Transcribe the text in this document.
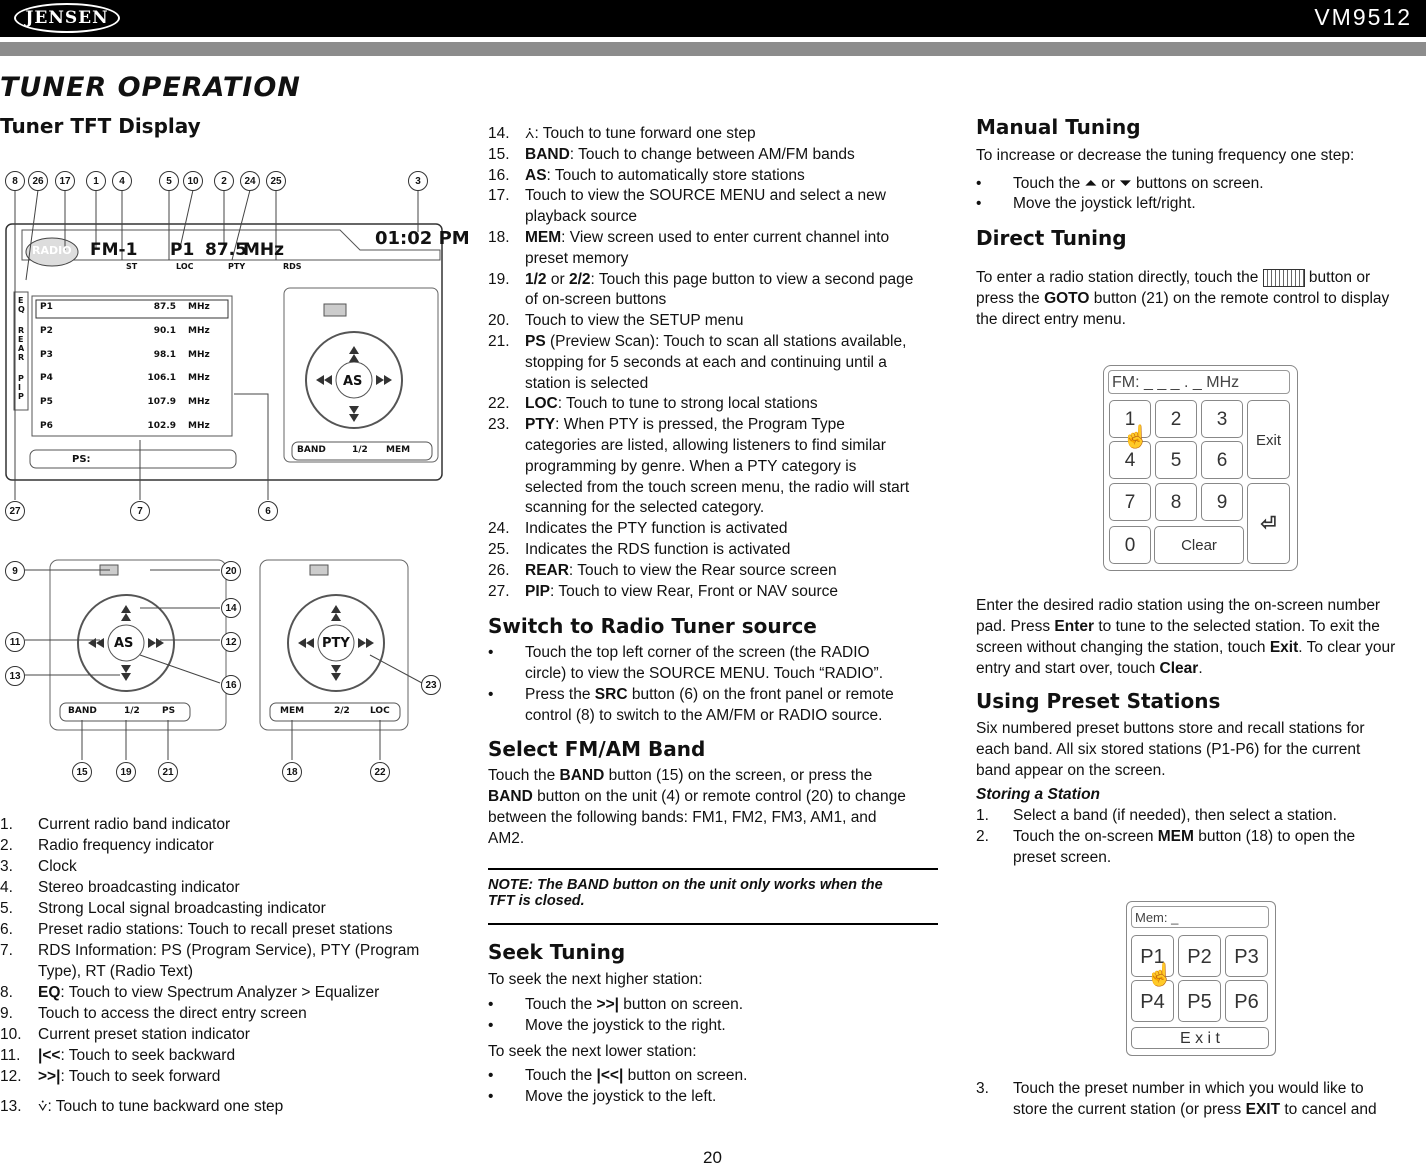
JENSEN	VM9512
TUNER OPERATION
Tuner TFT Display
RADIO FM-1 P1 87.5
MHz
01:02 PM
ST	LOC	PTY	RDS
E
Q
R
E
A
R
P
I
P
P1	87.5 MHz
P2	90.1 MHz
P3	98.1 MHz
P4	106.1 MHz
P5	107.9 MHz
P6	102.9 MHz
PS:
AS
BAND	1/2 MEM
8	26	17	1	4	5	10	2	24	25	3
27	7	6
AS	PTY
BAND	1/2 PS	MEM	2/2 LOC
9	20
14
11	12
13
16
15	19	21	18	22
23
1. Current radio band indicator
2. Radio frequency indicator
3. Clock
4. Stereo broadcasting indicator
5. Strong Local signal broadcasting indicator
6. Preset radio stations: Touch to recall preset stations
7. RDS Information: PS (Program Service), PTY (Program
Type), RT (Radio Text)
8. EQ: Touch to view Spectrum Analyzer > Equalizer
9. Touch to access the direct entry screen
10. Current preset station indicator
11. |<<: Touch to seek backward
12. >>|: Touch to seek forward
13. ⩒: Touch to tune backward one step
14. ⩑: Touch to tune forward one step
15. BAND: Touch to change between AM/FM bands
16. AS: Touch to automatically store stations
17. Touch to view the SOURCE MENU and select a new
playback source
18. MEM: View screen used to enter current channel into
preset memory
19. 1/2 or 2/2: Touch this page button to view a second page
of on-screen buttons
20. Touch to view the SETUP menu
21. PS (Preview Scan): Touch to scan all stations available,
stopping for 5 seconds at each and continuing until a
station is selected
22. LOC: Touch to tune to strong local stations
23. PTY: When PTY is pressed, the Program Type
categories are listed, allowing listeners to find similar
programming by genre. When a PTY category is
selected from the touch screen menu, the radio will start
scanning for the selected category.
24. Indicates the PTY function is activated
25. Indicates the RDS function is activated
26. REAR: Touch to view the Rear source screen
27. PIP: Touch to view Rear, Front or NAV source
Switch to Radio Tuner source
• Touch the top left corner of the screen (the RADIO
circle) to view the SOURCE MENU. Touch “RADIO”.
• Press the SRC button (6) on the front panel or remote
control (8) to switch to the AM/FM or RADIO source.
Select FM/AM Band
Touch the BAND button (15) on the screen, or press the
BAND button on the unit (4) or remote control (20) to change
between the following bands: FM1, FM2, FM3, AM1, and
AM2.
NOTE: The BAND button on the unit only works when the
TFT is closed.
Seek Tuning
To seek the next higher station:
• Touch the >>| button on screen.
• Move the joystick to the right.
To seek the next lower station:
• Touch the |<<| button on screen.
• Move the joystick to the left.
Manual Tuning
To increase or decrease the tuning frequency one step:
• Touch the ⏶ or ⏷ buttons on screen.
• Move the joystick left/right.
Direct Tuning
To enter a radio station directly, touch the	button or
press the GOTO button (21) on the remote control to display
the direct entry menu.
FM: _ _ _ . _ MHz
1	2	3
4	5	6
7	8	9
0
Exit
Clear
⏎
☝
Enter the desired radio station using the on-screen number
pad. Press Enter to tune to the selected station. To exit the
screen without changing the station, touch Exit. To clear your
entry and start over, touch Clear.
Using Preset Stations
Six numbered preset buttons store and recall stations for
each band. All six stored stations (P1-P6) for the current
band appear on the screen.
Storing a Station
1. Select a band (if needed), then select a station.
2. Touch the on-screen MEM button (18) to open the
preset screen.
Mem: _
P1	P2	P3
P4	P5	P6
E x i t
☝
3. Touch the preset number in which you would like to
store the current station (or press EXIT to cancel and
20
